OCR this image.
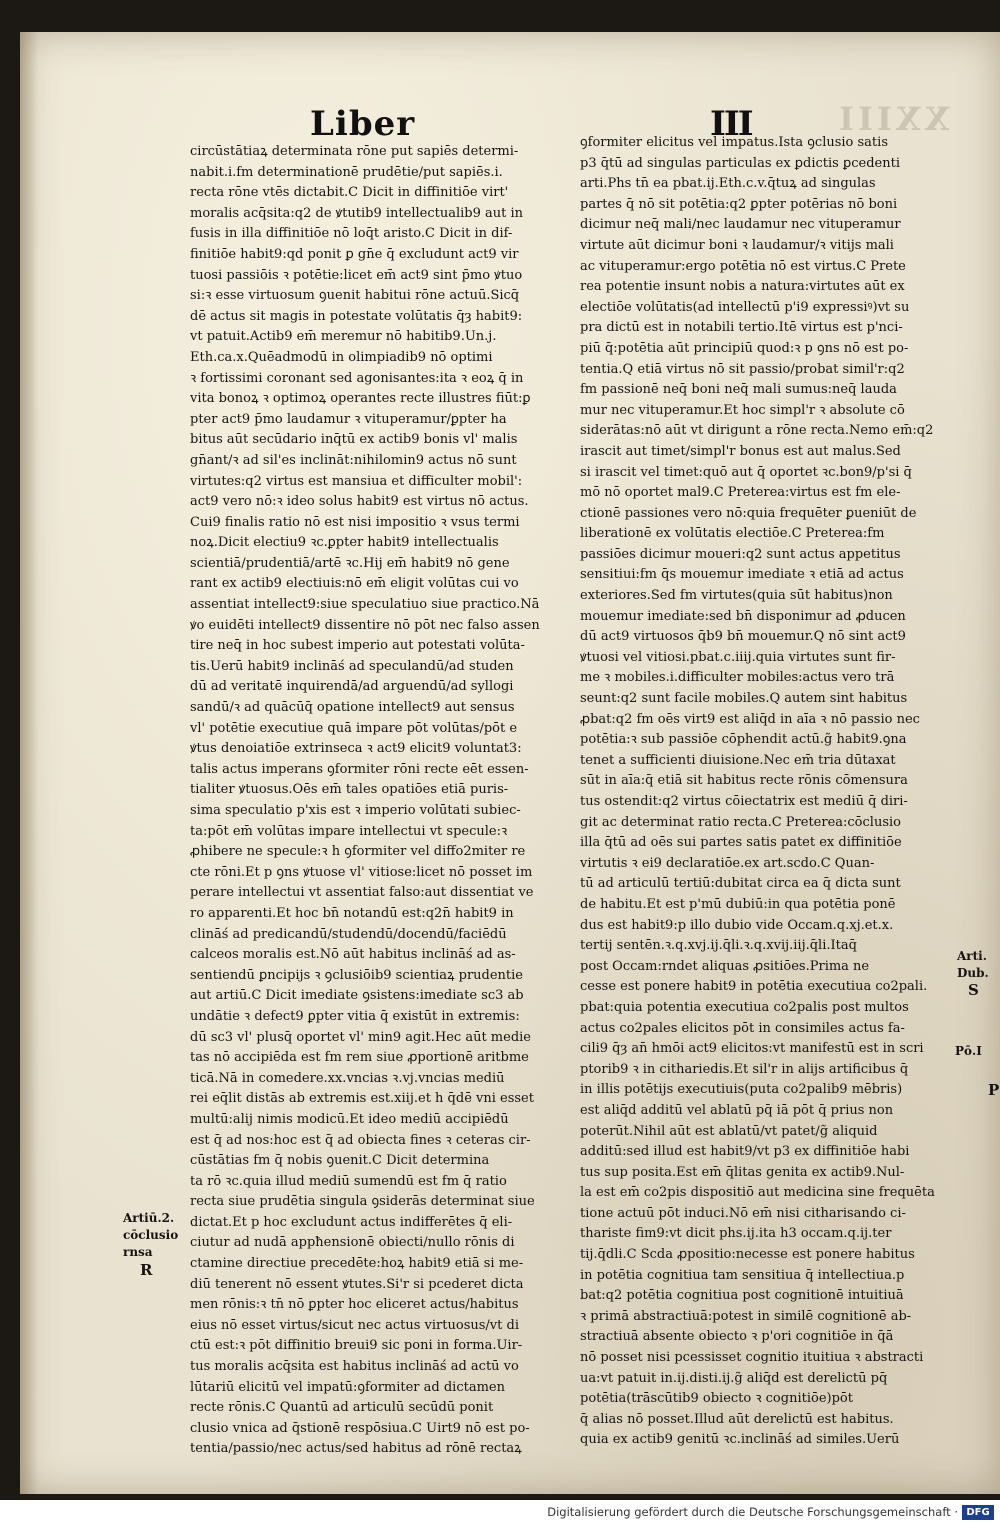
Liber	III	XXIII
circūstātiaꝝ determinata rōne put sapiēs determi-
nabit.i.fm determinationē prudētie/put sapiēs.i.
recta rōne vtēs dictabit.C Dicit in diffinitiōe virt'
moralis acq̄sita:q2 de ꝟtutib9 intellectualib9 aut in
fusis in illa diffinitiōe nō loq̄t aristo.C Dicit in dif-
finitiōe habit9:qd ponit ꝑ gn̄e q̄ excludunt act9 vir
tuosi passiōis ꝛ potētie:licet em̄ act9 sint p̄mo ꝟtuo
si:ꝛ esse virtuosum ꝯuenit habitui rōne actuū.Sicq̄
dē actus sit magis in potestate volūtatis q̄ȝ habit9:
vt patuit.Actib9 em̄ meremur nō habitib9.Un.j.
Eth.ca.x.Quēadmodū in olimpiadib9 nō optimi
ꝛ fortissimi coronant sed agonisantes:ita ꝛ eoꝝ q̄ in
vita bonoꝝ ꝛ optimoꝝ operantes recte illustres fiūt:ꝑ
pter act9 p̄mo laudamur ꝛ vituperamur/ꝑpter ha
bitus aūt secūdario inq̄tū ex actib9 bonis vl' malis
gn̄ant/ꝛ ad sil'es inclināt:nihilomin9 actus nō sunt
virtutes:q2 virtus est mansiua et difficulter mobil':
act9 vero nō:ꝛ ideo solus habit9 est virtus nō actus.
Cui9 finalis ratio nō est nisi impositio ꝛ vsus termi
noꝝ.Dicit electiu9 ꝛc.ꝑpter habit9 intellectualis
scientiā/prudentiā/artē ꝛc.Hij em̄ habit9 nō gene
rant ex actib9 electiuis:nō em̄ eligit volūtas cui vo
assentiat intellect9:siue speculatiuo siue practico.Nā
ꝟo euidēti intellect9 dissentire nō pōt nec falso assen
tire neq̄ in hoc subest imperio aut potestati volūta-
tis.Uerū habit9 inclināś ad speculandū/ad studen
dū ad veritatē inquirendā/ad arguendū/ad syllogi
sandū/ꝛ ad quācūq̄ opatione intellect9 aut sensus
vl' potētie executiue quā impare pōt volūtas/pōt e
ꝟtus denoiatiōe extrinseca ꝛ act9 elicit9 voluntat3:
talis actus imperans ꝯformiter rōni recte eēt essen-
tialiter ꝟtuosus.Oēs em̄ tales opatiōes etiā puris-
sima speculatio p'xis est ꝛ imperio volūtati subiec-
ta:pōt em̄ volūtas impare intellectui vt specule:ꝛ
ꝓhibere ne specule:ꝛ h ꝯformiter vel diffo2miter re
cte rōni.Et p ꝯns ꝟtuose vl' vitiose:licet nō posset im
perare intellectui vt assentiat falso:aut dissentiat ve
ro apparenti.Et hoc bn̄ notandū est:q2n̄ habit9 in
clināś ad predicandū/studendū/docendū/faciēdū
calceos moralis est.Nō aūt habitus inclināś ad as-
sentiendū ꝑncipijs ꝛ ꝯclusiōib9 scientiaꝝ prudentie
aut artiū.C Dicit imediate ꝯsistens:imediate sc3 ab
undātie ꝛ defect9 ꝑpter vitia q̄ existūt in extremis:
dū sc3 vl' plusq̄ oportet vl' min9 agit.Hec aūt medie
tas nō accipiēda est fm rem siue ꝓportionē aritbme
ticā.Nā in comedere.xx.vncias ꝛ.vj.vncias mediū
rei eq̄lit distās ab extremis est.xiij.et h q̄dē vni esset
multū:alij nimis modicū.Et ideo mediū accipiēdū
est q̄ ad nos:hoc est q̄ ad obiecta fines ꝛ ceteras cir-
cūstātias fm q̄ nobis ꝯuenit.C Dicit determina
ta rō ꝛc.quia illud mediū sumendū est fm q̄ ratio
recta siue prudētia singula ꝯsiderās determinat siue
dictat.Et p hoc excludunt actus indifferētes q̄ eli-
ciutur ad nudā appħensionē obiecti/nullo rōnis di
ctamine directiue precedēte:hoꝝ habit9 etiā si me-
diū tenerent nō essent ꝟtutes.Si'r si pcederet dicta
men rōnis:ꝛ tn̄ nō ꝑpter hoc eliceret actus/habitus
eius nō esset virtus/sicut nec actus virtuosus/vt di
ctū est:ꝛ pōt diffinitio breui9 sic poni in forma.Uir-
tus moralis acq̄sita est habitus inclināś ad actū vo
lūtariū elicitū vel impatū:ꝯformiter ad dictamen
recte rōnis.C Quantū ad articulū secūdū ponit
clusio vnica ad q̄stionē respōsiua.C Uirt9 nō est po-
tentia/passio/nec actus/sed habitus ad rōnē rectaꝝ
ꝯformiter elicitus vel impatus.Ista ꝯclusio satis
p3 q̄tū ad singulas particulas ex ꝑdictis ꝑcedenti
arti.Phs tn̄ ea pbat.ij.Eth.c.v.q̄tuꝝ ad singulas
partes q̄ nō sit potētia:q2 ꝑpter potērias nō boni
dicimur neq̄ mali/nec laudamur nec vituperamur
virtute aūt dicimur boni ꝛ laudamur/ꝛ vitijs mali
ac vituperamur:ergo potētia nō est virtus.C Prete
rea potentie insunt nobis a natura:virtutes aūt ex
electiōe volūtatis(ad intellectū p'i9 expressiꝰ)vt su
pra dictū est in notabili tertio.Itē virtus est p'nci-
piū q̄:potētia aūt principiū quod:ꝛ p ꝯns nō est po-
tentia.Q etiā virtus nō sit passio/probat simil'r:q2
fm passionē neq̄ boni neq̄ mali sumus:neq̄ lauda
mur nec vituperamur.Et hoc simpl'r ꝛ absolute cō
siderātas:nō aūt vt dirigunt a rōne recta.Nemo em̄:q2
irascit aut timet/simpl'r bonus est aut malus.Sed
si irascit vel timet:quō aut q̄ oportet ꝛc.bon9/p'si q̄
mō nō oportet mal9.C Preterea:virtus est fm ele-
ctionē passiones vero nō:quia frequēter ꝑueniūt de
liberationē ex volūtatis electiōe.C Preterea:fm
passiōes dicimur moueri:q2 sunt actus appetitus
sensitiui:fm q̄s mouemur imediate ꝛ etiā ad actus
exteriores.Sed fm virtutes(quia sūt habitus)non
mouemur imediate:sed bn̄ disponimur ad ꝓducen
dū act9 virtuosos q̄b9 bn̄ mouemur.Q nō sint act9
ꝟtuosi vel vitiosi.pbat.c.iiij.quia virtutes sunt fir-
me ꝛ mobiles.i.difficulter mobiles:actus vero trā
seunt:q2 sunt facile mobiles.Q autem sint habitus
ꝓbat:q2 fm oēs virt9 est aliq̄d in aīa ꝛ nō passio nec
potētia:ꝛ sub passiōe cōphendit actū.g̃ habit9.ꝯna
tenet a sufficienti diuisione.Nec em̄ tria dūtaxat
sūt in aīa:q̄ etiā sit habitus recte rōnis cōmensura
tus ostendit:q2 virtus cōiectatrix est mediū q̄ diri-
git ac determinat ratio recta.C Preterea:cōclusio
illa q̄tū ad oēs sui partes satis patet ex diffinitiōe
virtutis ꝛ ei9 declaratiōe.ex art.scdo.C Quan-
tū ad articulū tertiū:dubitat circa ea q̄ dicta sunt
de habitu.Et est p'mū dubiū:in qua potētia ponē
dus est habit9:p illo dubio vide Occam.q.xj.et.x.
tertij sentēn.ꝛ.q.xvj.ij.q̄li.ꝛ.q.xvij.iij.q̄li.Itaq̄
post Occam:rndet aliquas ꝓsitiōes.Prima ne
cesse est ponere habit9 in potētia executiua co2pali.
pbat:quia potentia executiua co2palis post multos
actus co2pales elicitos pōt in consimiles actus fa-
cili9 q̄ȝ an̄ hmōi act9 elicitos:vt manifestū est in scri
ptorib9 ꝛ in cithariedis.Et sil'r in alijs artificibus q̄
in illis potētijs executiuis(puta co2palib9 mēbris)
est aliq̄d additū vel ablatū pq̄ iā pōt q̄ prius non
poterūt.Nihil aūt est ablatū/vt patet/g̃ aliquid
additū:sed illud est habit9/vt p3 ex diffinitiōe habi
tus sup posita.Est em̄ q̄litas genita ex actib9.Nul-
la est em̄ co2pis dispositiō aut medicina sine frequēta
tione actuū pōt induci.Nō em̄ nisi citharisando ci-
thariste fim9:vt dicit phs.ij.ita h3 occam.q.ij.ter
tij.q̄dli.C Scda ꝓpositio:necesse est ponere habitus
in potētia cognitiua tam sensitiua q̄ intellectiua.p
bat:q2 potētia cognitiua post cognitionē intuitiuā
ꝛ primā abstractiuā:potest in similē cognitionē ab-
stractiuā absente obiecto ꝛ p'ori cognitiōe in q̄ā
nō posset nisi pcessisset cognitio ituitiua ꝛ abstracti
ua:vt patuit in.ij.disti.ij.g̃ aliq̄d est derelictū pq̄
potētia(trāscūtib9 obiecto ꝛ cognitiōe)pōt
q̄ alias nō posset.Illud aūt derelictū est habitus.
quia ex actib9 genitū ꝛc.inclināś ad similes.Uerū
Artiū.2.
cōclusio
rnsa
R
Arti.
Dub.
S
Pō.I
P
Digitalisierung gefördert durch die Deutsche Forschungsgemeinschaft · DFG
